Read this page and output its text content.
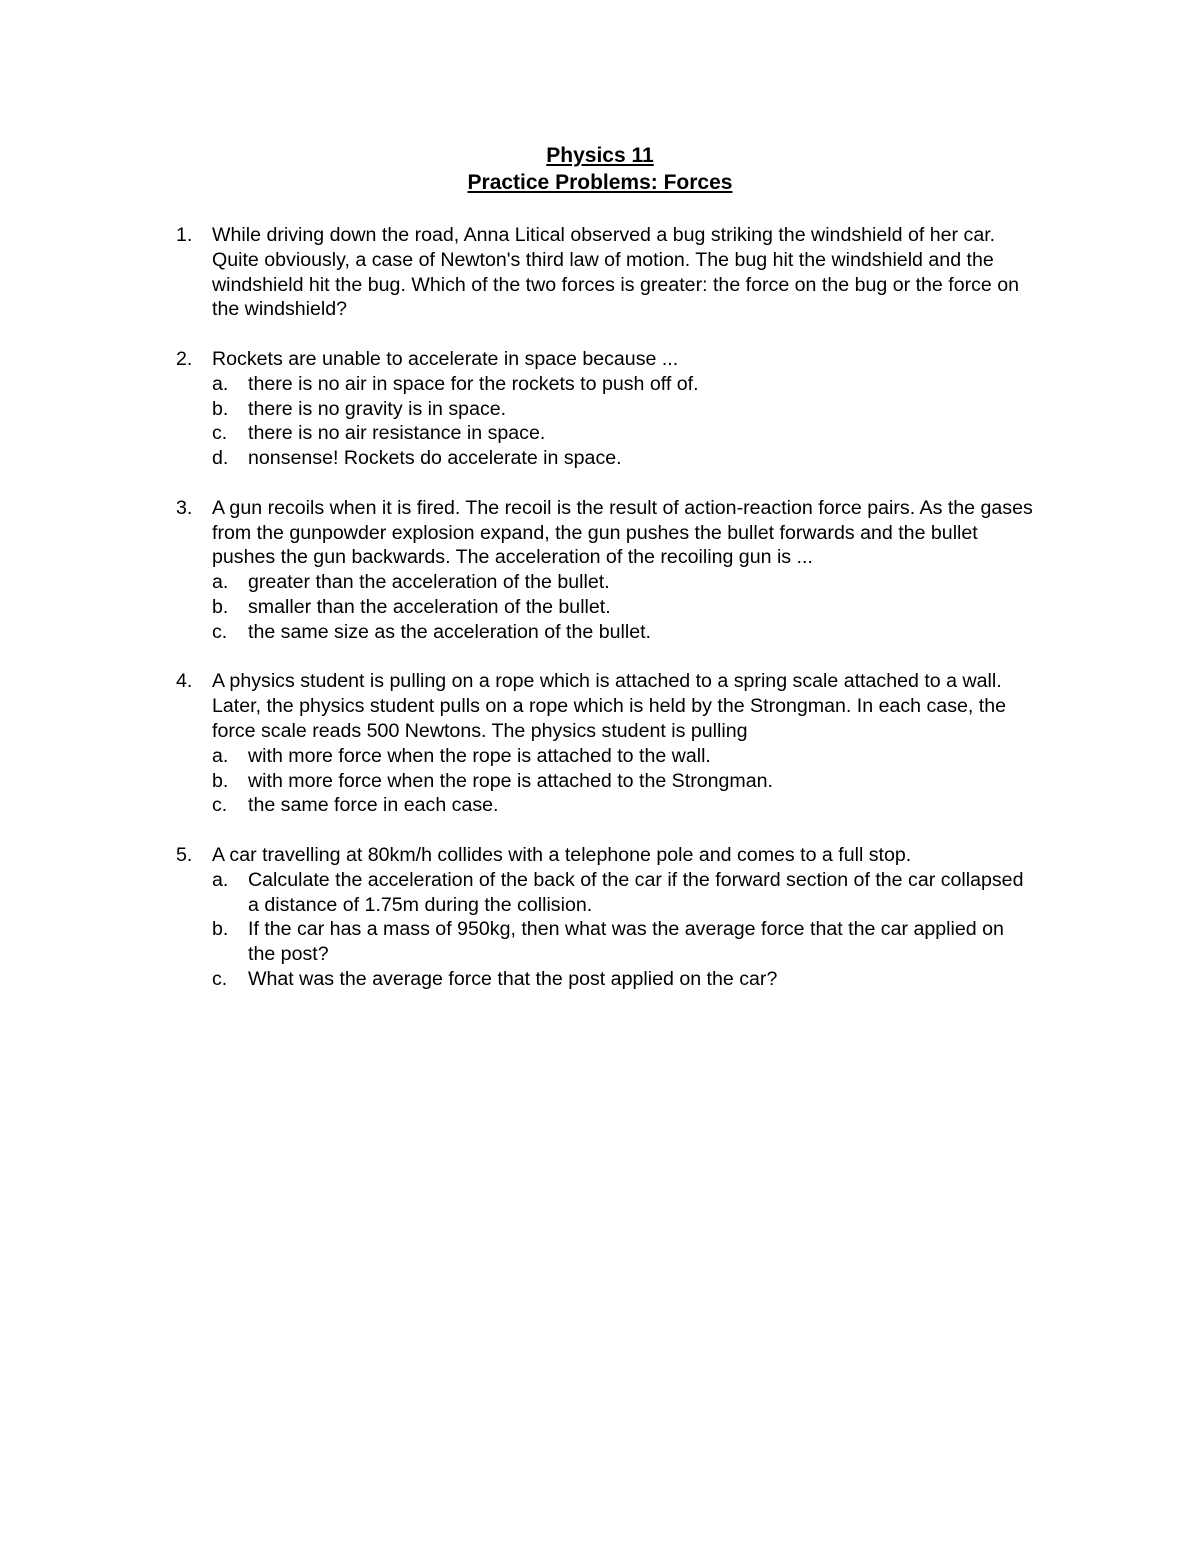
Physics 11
Practice Problems: Forces
1.	While driving down the road, Anna Litical observed a bug striking the windshield of her car. Quite obviously, a case of Newton's third law of motion. The bug hit the windshield and the windshield hit the bug. Which of the two forces is greater: the force on the bug or the force on the windshield?
2.	Rockets are unable to accelerate in space because ...
a.	there is no air in space for the rockets to push off of.
b.	there is no gravity is in space.
c.	there is no air resistance in space.
d.	nonsense! Rockets do accelerate in space.
3.	A gun recoils when it is fired. The recoil is the result of action-reaction force pairs. As the gases from the gunpowder explosion expand, the gun pushes the bullet forwards and the bullet pushes the gun backwards. The acceleration of the recoiling gun is ...
a.	greater than the acceleration of the bullet.
b.	smaller than the acceleration of the bullet.
c.	the same size as the acceleration of the bullet.
4.	A physics student is pulling on a rope which is attached to a spring scale attached to a wall. Later, the physics student pulls on a rope which is held by the Strongman. In each case, the force scale reads 500 Newtons. The physics student is pulling
a.	with more force when the rope is attached to the wall.
b.	with more force when the rope is attached to the Strongman.
c.	the same force in each case.
5.	A car travelling at 80km/h collides with a telephone pole and comes to a full stop.
a.	Calculate the acceleration of the back of the car if the forward section of the car collapsed a distance of 1.75m during the collision.
b.	If the car has a mass of 950kg, then what was the average force that the car applied on the post?
c.	What was the average force that the post applied on the car?
